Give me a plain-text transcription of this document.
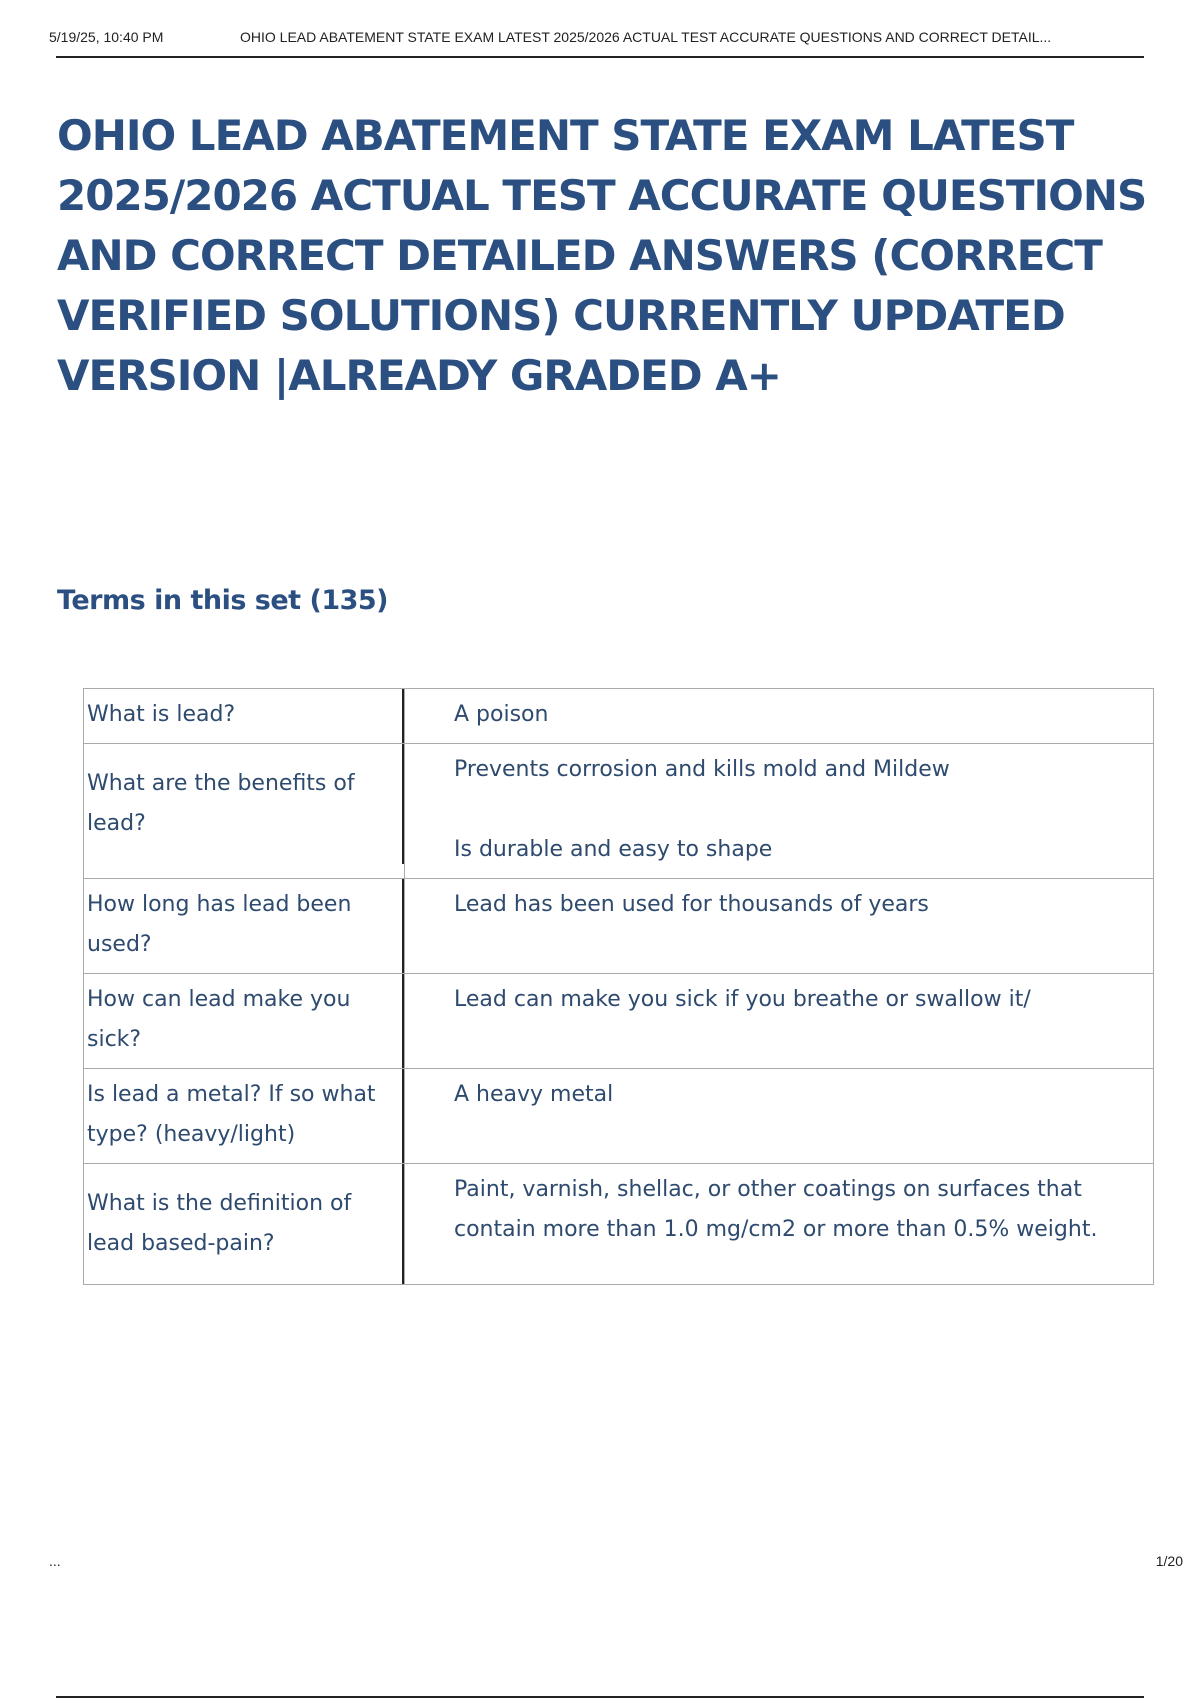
5/19/25, 10:40 PM	OHIO LEAD ABATEMENT STATE EXAM LATEST 2025/2026 ACTUAL TEST ACCURATE QUESTIONS AND CORRECT DETAIL...
OHIO LEAD ABATEMENT STATE EXAM LATEST 2025/2026 ACTUAL TEST ACCURATE QUESTIONS AND CORRECT DETAILED ANSWERS (CORRECT VERIFIED SOLUTIONS) CURRENTLY UPDATED VERSION |ALREADY GRADED A+
Terms in this set (135)
What is lead?	A poison

What are the benefits of lead?	Prevents corrosion and kills mold and Mildew

Is durable and easy to shape

How long has lead been used?	Lead has been used for thousands of years

How can lead make you sick?	Lead can make you sick if you breathe or swallow it/

Is lead a metal? If so what type? (heavy/light)	A heavy metal

What is the definition of lead based-pain?	Paint, varnish, shellac, or other coatings on surfaces that contain more than 1.0 mg/cm2 or more than 0.5% weight.

...	1/20
